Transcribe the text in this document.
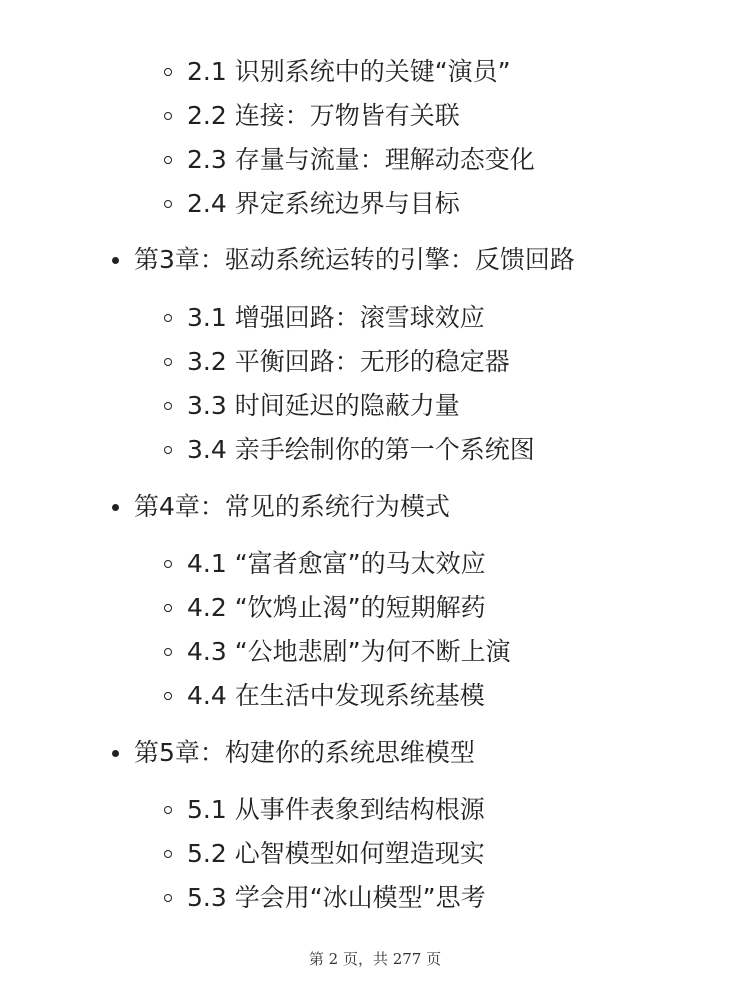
2.1 识别系统中的关键“演员”
2.2 连接：万物皆有关联
2.3 存量与流量：理解动态变化
2.4 界定系统边界与目标
第3章：驱动系统运转的引擎：反馈回路
3.1 增强回路：滚雪球效应
3.2 平衡回路：无形的稳定器
3.3 时间延迟的隐蔽力量
3.4 亲手绘制你的第一个系统图
第4章：常见的系统行为模式
4.1 “富者愈富”的马太效应
4.2 “饮鸩止渴”的短期解药
4.3 “公地悲剧”为何不断上演
4.4 在生活中发现系统基模
第5章：构建你的系统思维模型
5.1 从事件表象到结构根源
5.2 心智模型如何塑造现实
5.3 学会用“冰山模型”思考
第 2 页，共 277 页
